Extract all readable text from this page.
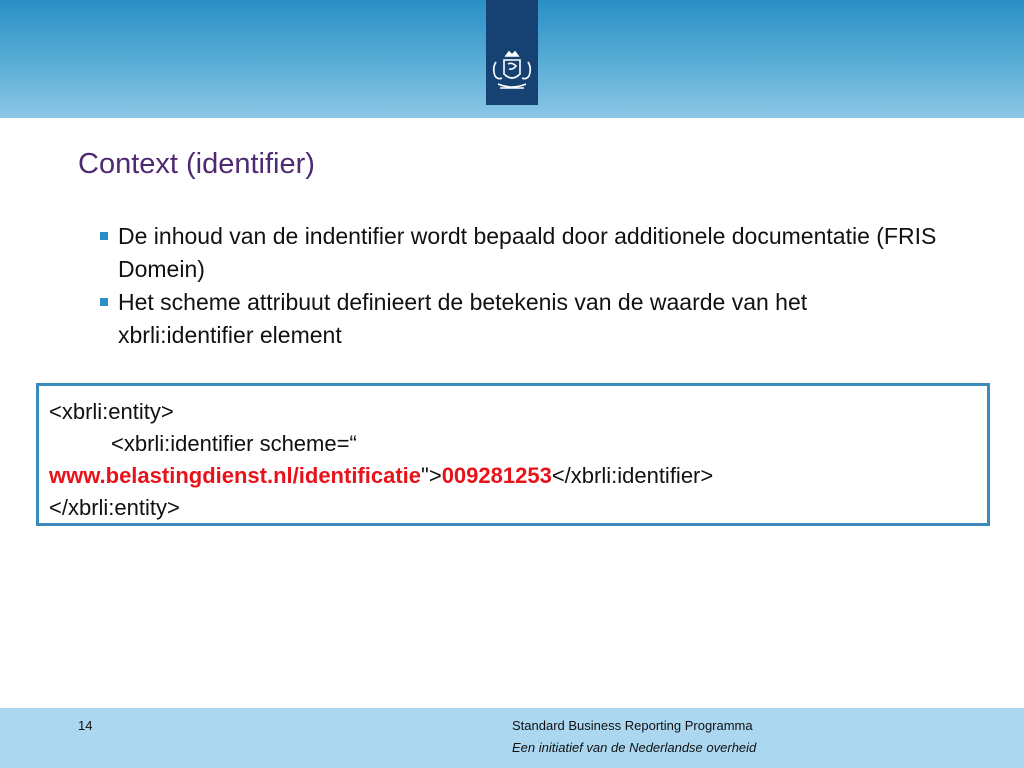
Context (identifier)
De inhoud van de indentifier wordt bepaald door additionele documentatie (FRIS Domein)
Het scheme attribuut definieert de betekenis van de waarde van het xbrli:identifier element
<xbrli:entity>
<xbrli:identifier scheme=“
www.belastingdienst.nl/identificatie">009281253</xbrli:identifier>
</xbrli:entity>
14	Standard Business Reporting Programma
Een initiatief van de Nederlandse overheid
